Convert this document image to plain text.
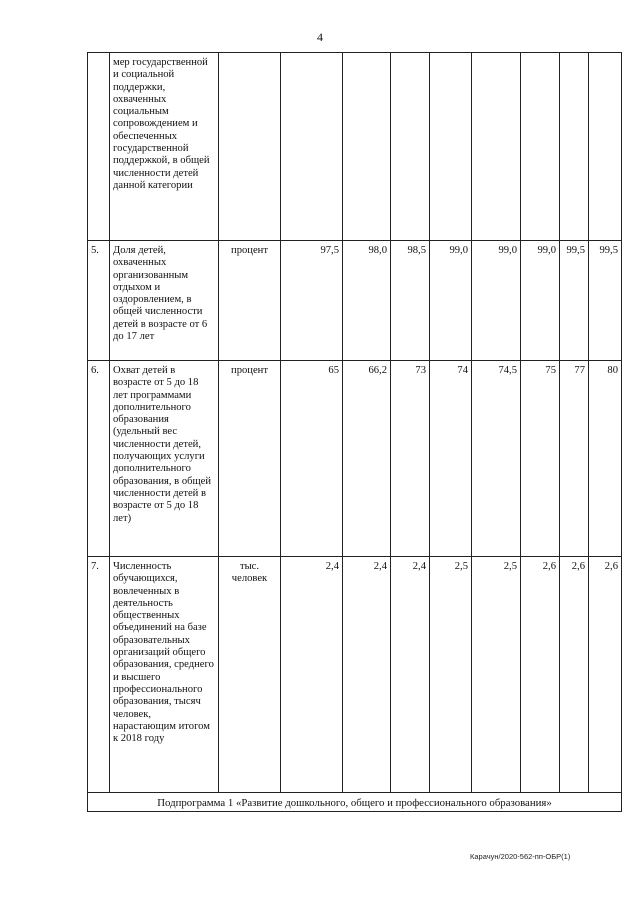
4
	мер государственной и социальной поддержки, охваченных социальным сопровождением и обеспеченных государственной поддержкой, в общей численности детей данной категории									
5.	Доля детей, охваченных организованным отдыхом и оздоровлением, в общей численности детей в возрасте от 6 до 17 лет	процент	97,5	98,0	98,5	99,0	99,0	99,0	99,5	99,5
6.	Охват детей в возрасте от 5 до 18 лет программами дополнительного образования (удельный вес численности детей, получающих услуги дополнительного образования, в общей численности детей в возрасте от 5 до 18 лет)	процент	65	66,2	73	74	74,5	75	77	80
7.	Численность обучающихся, вовлеченных в деятельность общественных объединений на базе образовательных организаций общего образования, среднего и высшего профессионального образования, тысяч человек, нарастающим итогом к 2018 году	тыс. человек	2,4	2,4	2,4	2,5	2,5	2,6	2,6	2,6
Подпрограмма 1 «Развитие дошкольного, общего и профессионального образования»										
Карачун/2020-562-пп-ОБР(1)
